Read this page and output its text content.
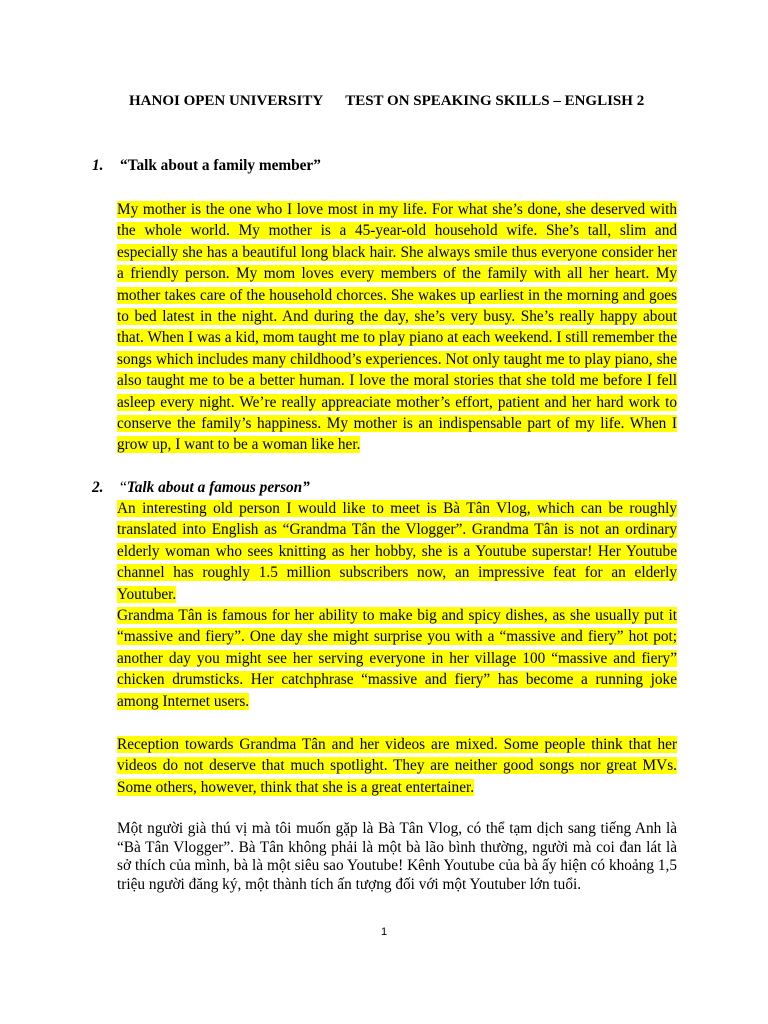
HANOI OPEN UNIVERSITY TEST ON SPEAKING SKILLS – ENGLISH 2
1. “Talk about a family member”

My mother is the one who I love most in my life. For what she’s done, she deserved with the whole world. My mother is a 45-year-old household wife. She’s tall, slim and especially she has a beautiful long black hair. She always smile thus everyone consider her a friendly person. My mom loves every members of the family with all her heart. My mother takes care of the household chorces. She wakes up earliest in the morning and goes to bed latest in the night. And during the day, she’s very busy. She’s really happy about that. When I was a kid, mom taught me to play piano at each weekend. I still remember the songs which includes many childhood’s experiences. Not only taught me to play piano, she also taught me to be a better human. I love the moral stories that she told me before I fell asleep every night. We’re really appreaciate mother’s effort, patient and her hard work to conserve the family’s happiness. My mother is an indispensable part of my life. When I grow up, I want to be a woman like her.

2. “Talk about a famous person”

An interesting old person I would like to meet is Bà Tân Vlog, which can be roughly translated into English as “Grandma Tân the Vlogger”. Grandma Tân is not an ordinary elderly woman who sees knitting as her hobby, she is a Youtube superstar! Her Youtube channel has roughly 1.5 million subscribers now, an impressive feat for an elderly Youtuber.

Grandma Tân is famous for her ability to make big and spicy dishes, as she usually put it “massive and fiery”. One day she might surprise you with a “massive and fiery” hot pot; another day you might see her serving everyone in her village 100 “massive and fiery” chicken drumsticks. Her catchphrase “massive and fiery” has become a running joke among Internet users.

Reception towards Grandma Tân and her videos are mixed. Some people think that her videos do not deserve that much spotlight. They are neither good songs nor great MVs. Some others, however, think that she is a great entertainer.

Một người già thú vị mà tôi muốn gặp là Bà Tân Vlog, có thể tạm dịch sang tiếng Anh là “Bà Tân Vlogger”. Bà Tân không phải là một bà lão bình thường, người mà coi đan lát là sở thích của mình, bà là một siêu sao Youtube! Kênh Youtube của bà ấy hiện có khoảng 1,5 triệu người đăng ký, một thành tích ấn tượng đối với một Youtuber lớn tuổi.

1
